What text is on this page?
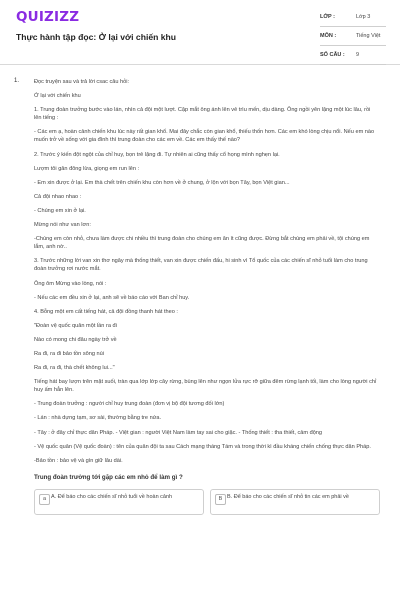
QUIZIZZ
Thực hành tập đọc: Ở lại với chiến khu
LỚP :	Lớp 3
MÔN :	Tiếng Việt
SỐ CÂU : 9
1.	Đọc truyện sau và trả lời csac câu hỏi:

Ở lại với chiến khu

1. Trung đoàn trưởng bước vào lán, nhìn cả đội một lượt. Cặp mắt ông ánh lên vẻ trìu mến, dịu dàng. Ông ngồi yên lặng một lúc lâu, rồi lên tiếng :

- Các em ạ, hoàn cảnh chiến khu lúc này rất gian khổ. Mai đây chắc còn gian khổ, thiếu thốn hơn. Các em khó lòng chịu nổi. Nếu em nào muốn trở về sống với gia đình thì trung đoàn cho các em về. Các em thấy thế nào?

2. Trước ý kiến đột ngột của chỉ huy, bọn trẻ lặng đi. Tự nhiên ai cũng thấy cổ họng mình nghẹn lại.

Lượm tôi gân đông lừa, giọng em run lên :

- Em xin được ở lại. Em thà chết trên chiến khu còn hơn về ở chung, ở lộn với bọn Tây, bọn Việt gian...

Cả đội nhao nhao :

- Chúng em xin ở lại.

Mừng nói như van lơn:

-Chúng em còn nhỏ, chưa làm được chi nhiều thì trung đoàn cho chúng em ăn ít cũng được. Đừng bắt chúng em phải về, tội chúng em lắm, anh nờ..

3. Trước những lời van xin thơ ngây mà thống thiết, van xin được chiến đấu, hi sinh vì Tổ quốc của các chiến sĩ nhỏ tuổi làm cho trung đoàn trưởng rơi nước mắt.

Ông ôm Mừng vào lòng, nói :

- Nếu các em đều xin ở lại, anh sẽ về báo cáo với Ban chỉ huy.

4. Bỗng một em cất tiếng hát, cả đội đồng thanh hát theo :

"Đoàn vệ quốc quân một lần ra đi

Nào có mong chi đâu ngày trở về

Ra đi, ra đi bảo tồn sông núi

Ra đi, ra đi, thà chết không lui..."

Tiếng hát bay lượn trên mặt suối, tràn qua lớp lớp cây rừng, bùng lên như ngọn lửa rực rỡ giữa đêm rừng lạnh tối, làm cho lòng người chỉ huy ấm hẳn lên.

- Trung đoàn trưởng : người chỉ huy trung đoàn (đơn vị bộ đội tương đối lớn)

- Lán : nhà dựng tạm, sơ sài, thường bằng tre nứa.

- Tây : ở đây chỉ thực dân Pháp. - Việt gian : người Việt Nam làm tay sai cho giặc. - Thống thiết : tha thiết, cảm động

- Vệ quốc quân (Vệ quốc đoàn) : tên của quân đội ta sau Cách mạng tháng Tám và trong thời kì đầu kháng chiến chống thực dân Pháp.

-Bảo tồn : bảo vệ và gìn giữ lâu dài.

Trung đoàn trưởng tới gặp các em nhỏ để làm gì ?
a A. Để báo cho các chiến sĩ nhỏ tuổi về hoàn cảnh	B B. Để báo cho các chiến sĩ nhỏ tin các em phải về
